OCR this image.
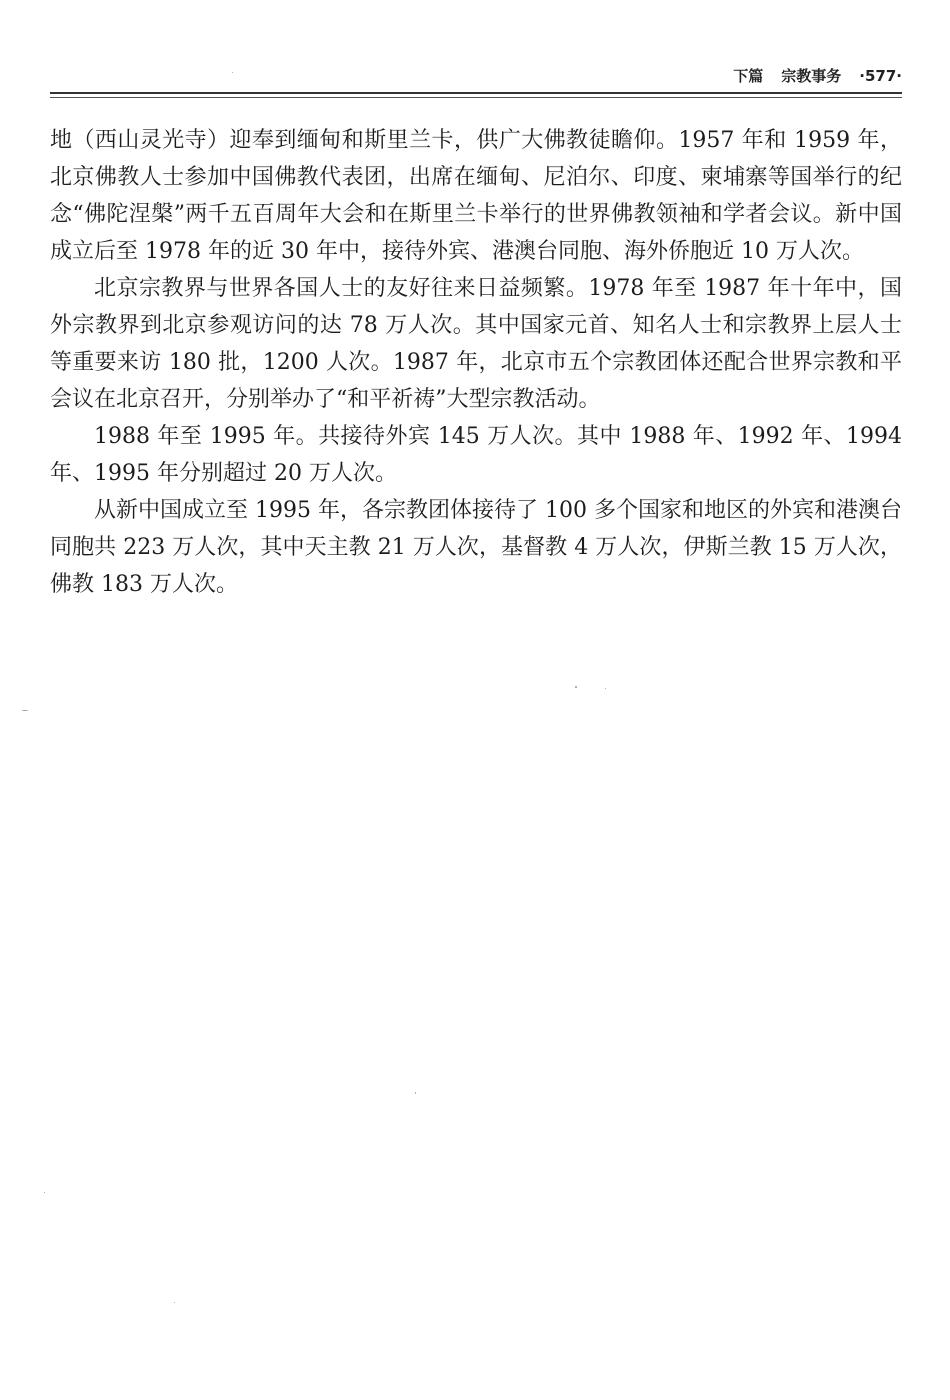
下篇 宗教事务 ·577·

地（西山灵光寺）迎奉到缅甸和斯里兰卡，供广大佛教徒瞻仰。1957 年和 1959 年，北京佛教人士参加中国佛教代表团，出席在缅甸、尼泊尔、印度、柬埔寨等国举行的纪念“佛陀涅槃”两千五百周年大会和在斯里兰卡举行的世界佛教领袖和学者会议。新中国成立后至 1978 年的近 30 年中，接待外宾、港澳台同胞、海外侨胞近 10 万人次。

北京宗教界与世界各国人士的友好往来日益频繁。1978 年至 1987 年十年中，国外宗教界到北京参观访问的达 78 万人次。其中国家元首、知名人士和宗教界上层人士等重要来访 180 批，1200 人次。1987 年，北京市五个宗教团体还配合世界宗教和平会议在北京召开，分别举办了“和平祈祷”大型宗教活动。

1988 年至 1995 年。共接待外宾 145 万人次。其中 1988 年、1992 年、1994 年、1995 年分别超过 20 万人次。

从新中国成立至 1995 年，各宗教团体接待了 100 多个国家和地区的外宾和港澳台同胞共 223 万人次，其中天主教 21 万人次，基督教 4 万人次，伊斯兰教 15 万人次，佛教 183 万人次。
